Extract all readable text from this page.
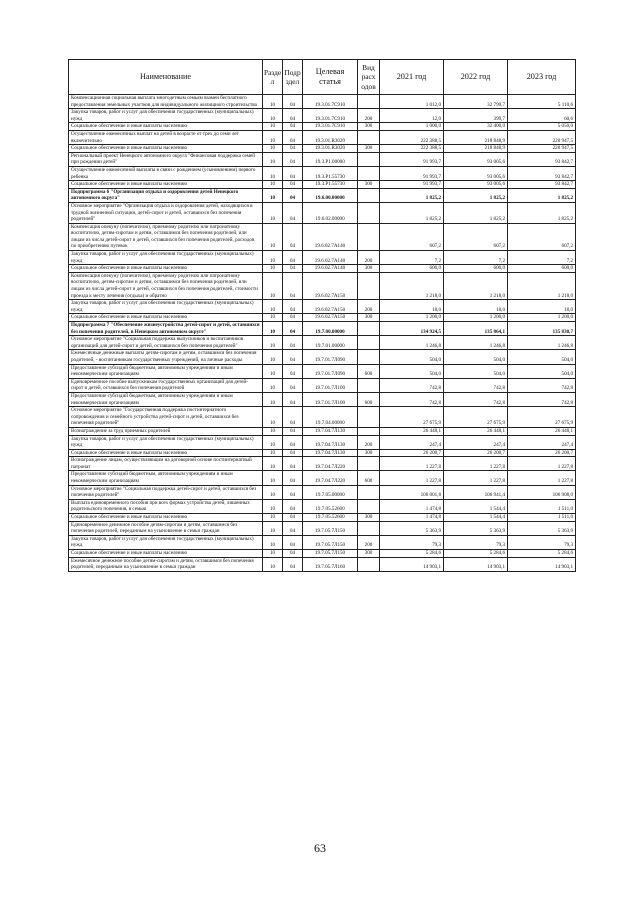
Наименование	Разде л	Подр здел	Целевая статья	Вид расх одов	2021 год	2022 год	2023 год
Компенсационная социальная выплата многодетным семьям взамен бесплатного предоставления земельных участков для индивидуального жилищного строительства	10	04	19.3.01.7С910		1 012,0	32 799,7	5 110,6
Закупка товаров, работ и услуг для обеспечения государственных (муниципальных) нужд	10	04	19.3.01.7С910	200	12,0	399,7	60,6
Социальное обеспечение и иные выплаты населению	10	04	19.3.01.7С910	300	1 000,0	32 400,0	5 050,0
Осуществление ежемесячных выплат на детей в возрасте от трех до семи лет включительно	10	04	19.3.01.R3020		222 388,5	218 848,9	220 947,5
Социальное обеспечение и иные выплаты населению	10	04	19.3.01.R3020	300	222 388,5	218 848,9	220 947,5
Региональный проект Ненецкого автономного округа "Финансовая поддержка семей при рождении детей"	10	04	19.3.P1.00000		91 993,7	93 005,6	93 842,7
Осуществление ежемесячной выплаты в связи с рождением (усыновлением) первого ребенка	10	04	19.3.P1.55730		91 993,7	93 005,6	93 842,7
Социальное обеспечение и иные выплаты населению	10	04	19.3.P1.55730	300	91 993,7	93 005,6	93 842,7
Подпрограмма 6 "Организация отдыха и оздоровления детей Ненецкого автономного округа"	10	04	19.6.00.00000		1 825,2	1 825,2	1 825,2
Основное мероприятие "Организация отдыха и оздоровления детей, находящихся в трудной жизненной ситуации, детей-сирот и детей, оставшихся без попечения родителей"	10	04	19.6.02.00000		1 825,2	1 825,2	1 825,2
Компенсация опекуну (попечителю), приемному родителю или патронатному воспитателю, детям-сиротам и детям, оставшимся без попечения родителей, или лицам из числа детей-сирот и детей, оставшихся без попечения родителей, расходов по приобретению путевок	10	04	19.6.02.7А140		607,2	607,2	607,2
Закупка товаров, работ и услуг для обеспечения государственных (муниципальных) нужд	10	04	19.6.02.7А140	200	7,2	7,2	7,2
Социальное обеспечение и иные выплаты населению	10	04	19.6.02.7А140	300	600,0	600,0	600,0
Компенсация опекуну (попечителю), приемному родителю или патронатному воспитателю, детям-сиротам и детям, оставшимся без попечения родителей, или лицам из числа детей-сирот и детей, оставшихся без попечения родителей, стоимости проезда к месту лечения (отдыха) и обратно	10	04	19.6.02.7А150		1 218,0	1 218,0	1 218,0
Закупка товаров, работ и услуг для обеспечения государственных (муниципальных) нужд	10	04	19.6.02.7А150	200	18,0	18,0	18,0
Социальное обеспечение и иные выплаты населению	10	04	19.6.02.7А150	300	1 200,0	1 200,0	1 200,0
Подпрограмма 7 "Обеспечение жизнеустройства детей-сирот и детей, оставшихся без попечения родителей, в Ненецком автономном округе"	10	04	19.7.00.00000		134 924,5	135 864,1	135 830,7
Основное мероприятие "Социальная поддержка выпускников и воспитанников организаций для детей-сирот и детей, оставшихся без попечения родителей"	10	04	19.7.01.00000		1 246,8	1 246,8	1 246,8
Ежемесячные денежные выплаты детям-сиротам и детям, оставшимся без попечения родителей, - воспитанникам государственных учреждений, на личные расходы	10	04	19.7.01.7Л090		504,0	504,0	504,0
Предоставление субсидий бюджетным, автономным учреждениям и иным некоммерческим организациям	10	04	19.7.01.7Л090	600	504,0	504,0	504,0
Единовременное пособие выпускникам государственных организаций для детей-сирот и детей, оставшихся без попечения родителей	10	04	19.7.01.7Л100		742,8	742,8	742,8
Предоставление субсидий бюджетным, автономным учреждениям и иным некоммерческим организациям	10	04	19.7.01.7Л100	600	742,8	742,8	742,8
Основное мероприятие "Государственная поддержка постинтернатного сопровождения и семейного устройства детей-сирот и детей, оставшихся без попечения родителей"	10	04	19.7.04.00000		27 675,9	27 675,9	27 675,9
Вознаграждение за труд приемных родителей	10	04	19.7.04.7Л130		26 448,1	26 448,1	26 448,1
Закупка товаров, работ и услуг для обеспечения государственных (муниципальных) нужд	10	04	19.7.04.7Л130	200	247,4	247,4	247,4
Социальное обеспечение и иные выплаты населению	10	04	19.7.04.7Л130	300	26 200,7	26 200,7	26 200,7
Вознаграждение лицам, осуществляющим на договорной основе постинтернатный патронат	10	04	19.7.04.7Л220		1 227,8	1 227,8	1 227,8
Предоставление субсидий бюджетным, автономным учреждениям и иным некоммерческим организациям	10	04	19.7.04.7Л220	600	1 227,8	1 227,8	1 227,8
Основное мероприятие "Социальная поддержка детей-сирот и детей, оставшихся без попечения родителей"	10	04	19.7.05.00000		106 001,8	106 941,4	106 908,0
Выплата единовременного пособия при всех формах устройства детей, лишенных родительского попечения, в семью	10	04	19.7.05.52600		1 474,8	1 544,4	1 511,0
Социальное обеспечение и иные выплаты населению	10	04	19.7.05.52600	300	1 474,8	1 544,4	1 511,0
Единовременное денежное пособие детям-сиротам и детям, оставшимся без попечения родителей, переданным на усыновление в семьи граждан	10	04	19.7.05.7Л150		5 363,9	5 363,9	5 363,9
Закупка товаров, работ и услуг для обеспечения государственных (муниципальных) нужд	10	04	19.7.05.7Л150	200	79,3	79,3	79,3
Социальное обеспечение и иные выплаты населению	10	04	19.7.05.7Л150	300	5 284,6	5 284,6	5 284,6
Ежемесячное денежное пособие детям-сиротам и детям, оставшимся без попечения родителей, переданным на усыновление в семьи граждан	10	04	19.7.05.7Л160		14 903,1	14 903,1	14 903,1
63
